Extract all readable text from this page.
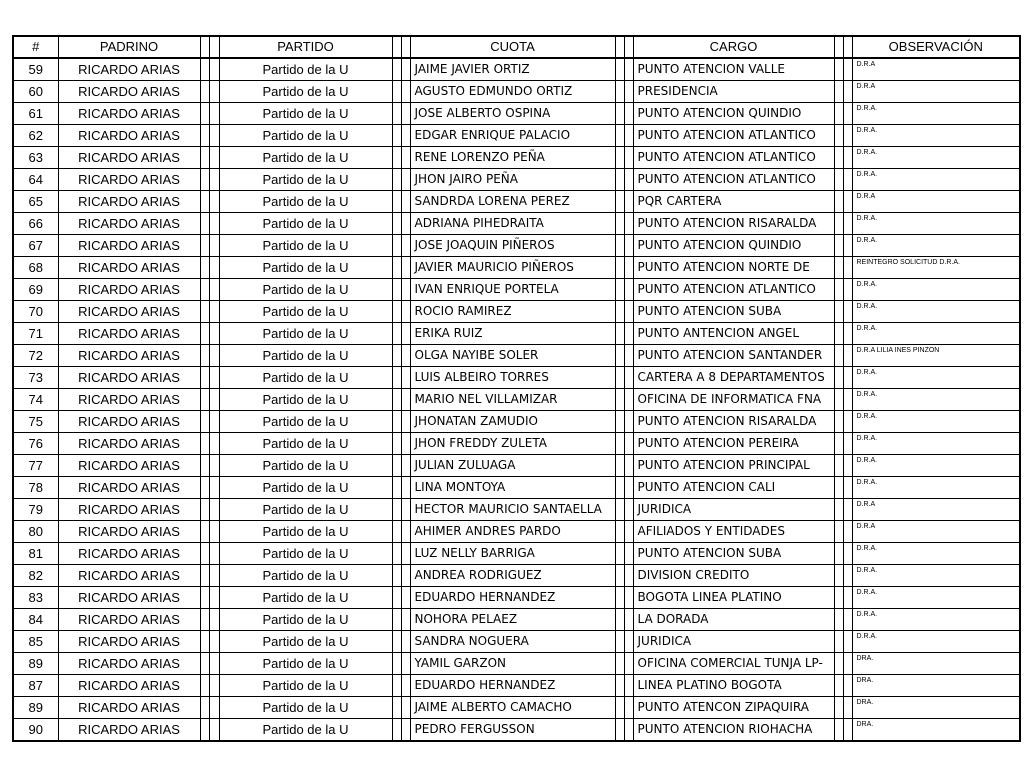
#	PADRINO			PARTIDO			CUOTA			CARGO			OBSERVACIÓN
59	RICARDO ARIAS			Partido de la U			JAIME JAVIER ORTIZ			PUNTO ATENCION VALLE			D.R.A
60	RICARDO ARIAS			Partido de la U			AGUSTO EDMUNDO ORTIZ			PRESIDENCIA			D.R.A
61	RICARDO ARIAS			Partido de la U			JOSE ALBERTO OSPINA			PUNTO ATENCION QUINDIO			D.R.A.
62	RICARDO ARIAS			Partido de la U			EDGAR ENRIQUE PALACIO			PUNTO ATENCION ATLANTICO			D.R.A.
63	RICARDO ARIAS			Partido de la U			RENE LORENZO PEÑA			PUNTO ATENCION ATLANTICO			D.R.A.
64	RICARDO ARIAS			Partido de la U			JHON JAIRO PEÑA			PUNTO ATENCION ATLANTICO			D.R.A.
65	RICARDO ARIAS			Partido de la U			SANDRDA LORENA PEREZ			PQR CARTERA			D.R.A
66	RICARDO ARIAS			Partido de la U			ADRIANA PIHEDRAITA			PUNTO ATENCION RISARALDA			D.R.A.
67	RICARDO ARIAS			Partido de la U			JOSE JOAQUIN PIÑEROS			PUNTO ATENCION QUINDIO			D.R.A.
68	RICARDO ARIAS			Partido de la U			JAVIER MAURICIO PIÑEROS			PUNTO ATENCION NORTE DE			REINTEGRO SOLICITUD D.R.A.
69	RICARDO ARIAS			Partido de la U			IVAN ENRIQUE PORTELA			PUNTO ATENCION ATLANTICO			D.R.A.
70	RICARDO ARIAS			Partido de la U			ROCIO RAMIREZ			PUNTO ATENCION SUBA			D.R.A.
71	RICARDO ARIAS			Partido de la U			ERIKA RUIZ			PUNTO ANTENCION ANGEL			D.R.A.
72	RICARDO ARIAS			Partido de la U			OLGA NAYIBE SOLER			PUNTO ATENCION SANTANDER			D.R.A LILIA INES PINZON
73	RICARDO ARIAS			Partido de la U			LUIS ALBEIRO TORRES			CARTERA A 8 DEPARTAMENTOS			D.R.A.
74	RICARDO ARIAS			Partido de la U			MARIO NEL VILLAMIZAR			OFICINA DE INFORMATICA FNA			D.R.A.
75	RICARDO ARIAS			Partido de la U			JHONATAN ZAMUDIO			PUNTO ATENCION RISARALDA			D.R.A.
76	RICARDO ARIAS			Partido de la U			JHON FREDDY ZULETA			PUNTO ATENCION PEREIRA			D.R.A.
77	RICARDO ARIAS			Partido de la U			JULIAN ZULUAGA			PUNTO ATENCION PRINCIPAL			D.R.A.
78	RICARDO ARIAS			Partido de la U			LINA MONTOYA			PUNTO ATENCION CALI			D.R.A.
79	RICARDO ARIAS			Partido de la U			HECTOR MAURICIO SANTAELLA			JURIDICA			D.R.A
80	RICARDO ARIAS			Partido de la U			AHIMER ANDRES PARDO			AFILIADOS Y ENTIDADES			D.R.A
81	RICARDO ARIAS			Partido de la U			LUZ NELLY BARRIGA			PUNTO ATENCION SUBA			D.R.A.
82	RICARDO ARIAS			Partido de la U			ANDREA RODRIGUEZ			DIVISION CREDITO			D.R.A.
83	RICARDO ARIAS			Partido de la U			EDUARDO HERNANDEZ			BOGOTA LINEA PLATINO			D.R.A.
84	RICARDO ARIAS			Partido de la U			NOHORA PELAEZ			LA DORADA			D.R.A.
85	RICARDO ARIAS			Partido de la U			SANDRA NOGUERA			JURIDICA			D.R.A.
89	RICARDO ARIAS			Partido de la U			YAMIL GARZON			OFICINA COMERCIAL TUNJA LP-			DRA.
87	RICARDO ARIAS			Partido de la U			EDUARDO HERNANDEZ			LINEA PLATINO BOGOTA			DRA.
89	RICARDO ARIAS			Partido de la U			JAIME ALBERTO CAMACHO			PUNTO ATENCON ZIPAQUIRA			DRA.
90	RICARDO ARIAS			Partido de la U			PEDRO FERGUSSON			PUNTO ATENCION RIOHACHA			DRA.
